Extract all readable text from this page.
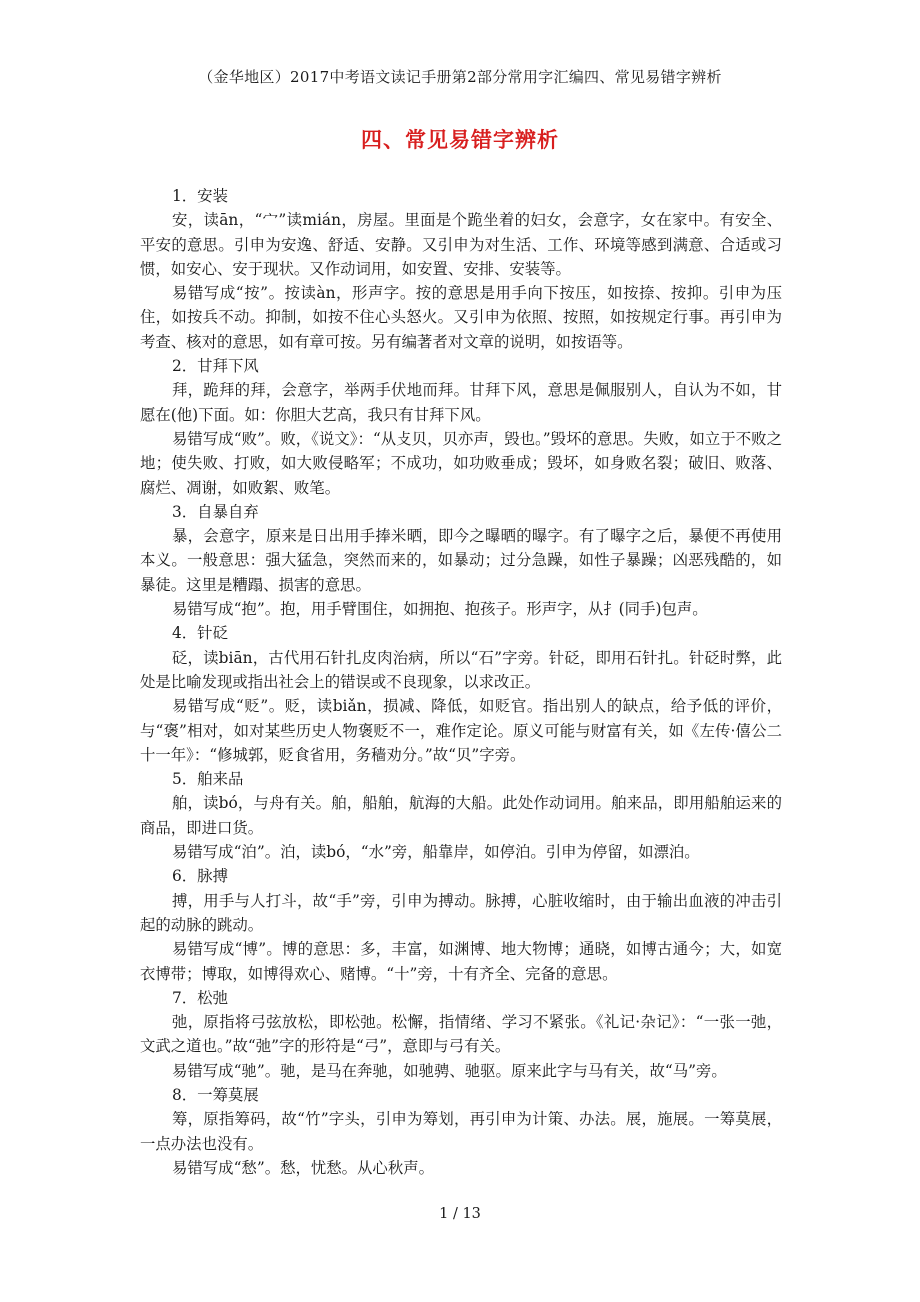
（金华地区）2017中考语文读记手册第2部分常用字汇编四、常见易错字辨析
四、常见易错字辨析

1．安装

安，读ān，“宀”读mián，房屋。里面是个跪坐着的妇女，会意字，女在家中。有安全、平安的意思。引申为安逸、舒适、安静。又引申为对生活、工作、环境等感到满意、合适或习惯，如安心、安于现状。又作动词用，如安置、安排、安装等。

易错写成“按”。按读àn，形声字。按的意思是用手向下按压，如按捺、按抑。引申为压住，如按兵不动。抑制，如按不住心头怒火。又引申为依照、按照，如按规定行事。再引申为考查、核对的意思，如有章可按。另有编著者对文章的说明，如按语等。

2．甘拜下风

拜，跪拜的拜，会意字，举两手伏地而拜。甘拜下风，意思是佩服别人，自认为不如，甘愿在(他)下面。如：你胆大艺高，我只有甘拜下风。

易错写成“败”。败，《说文》：“从攴贝，贝亦声，毁也。”毁坏的意思。失败，如立于不败之地；使失败、打败，如大败侵略军；不成功，如功败垂成；毁坏，如身败名裂；破旧、败落、腐烂、凋谢，如败絮、败笔。

3．自暴自弃

暴，会意字，原来是日出用手捧米晒，即今之曝晒的曝字。有了曝字之后，暴便不再使用本义。一般意思：强大猛急，突然而来的，如暴动；过分急躁，如性子暴躁；凶恶残酷的，如暴徒。这里是糟蹋、损害的意思。

易错写成“抱”。抱，用手臂围住，如拥抱、抱孩子。形声字，从扌(同手)包声。

4．针砭

砭，读biān，古代用石针扎皮肉治病，所以“石”字旁。针砭，即用石针扎。针砭时弊，此处是比喻发现或指出社会上的错误或不良现象，以求改正。

易错写成“贬”。贬，读biǎn，损减、降低，如贬官。指出别人的缺点，给予低的评价，与“褒”相对，如对某些历史人物褒贬不一，难作定论。原义可能与财富有关，如《左传·僖公二十一年》：“修城郭，贬食省用，务穑劝分。”故“贝”字旁。

5．舶来品

舶，读bó，与舟有关。舶，船舶，航海的大船。此处作动词用。舶来品，即用船舶运来的商品，即进口货。

易错写成“泊”。泊，读bó，“水”旁，船靠岸，如停泊。引申为停留，如漂泊。

6．脉搏

搏，用手与人打斗，故“手”旁，引申为搏动。脉搏，心脏收缩时，由于输出血液的冲击引起的动脉的跳动。

易错写成“博”。博的意思：多，丰富，如渊博、地大物博；通晓，如博古通今；大，如宽衣博带；博取，如博得欢心、赌博。“十”旁，十有齐全、完备的意思。

7．松弛

弛，原指将弓弦放松，即松弛。松懈，指情绪、学习不紧张。《礼记·杂记》：“一张一弛，文武之道也。”故“弛”字的形符是“弓”，意即与弓有关。

易错写成“驰”。驰，是马在奔驰，如驰骋、驰驱。原来此字与马有关，故“马”旁。

8．一筹莫展

筹，原指筹码，故“竹”字头，引申为筹划，再引申为计策、办法。展，施展。一筹莫展，一点办法也没有。

易错写成“愁”。愁，忧愁。从心秋声。

1 / 13
